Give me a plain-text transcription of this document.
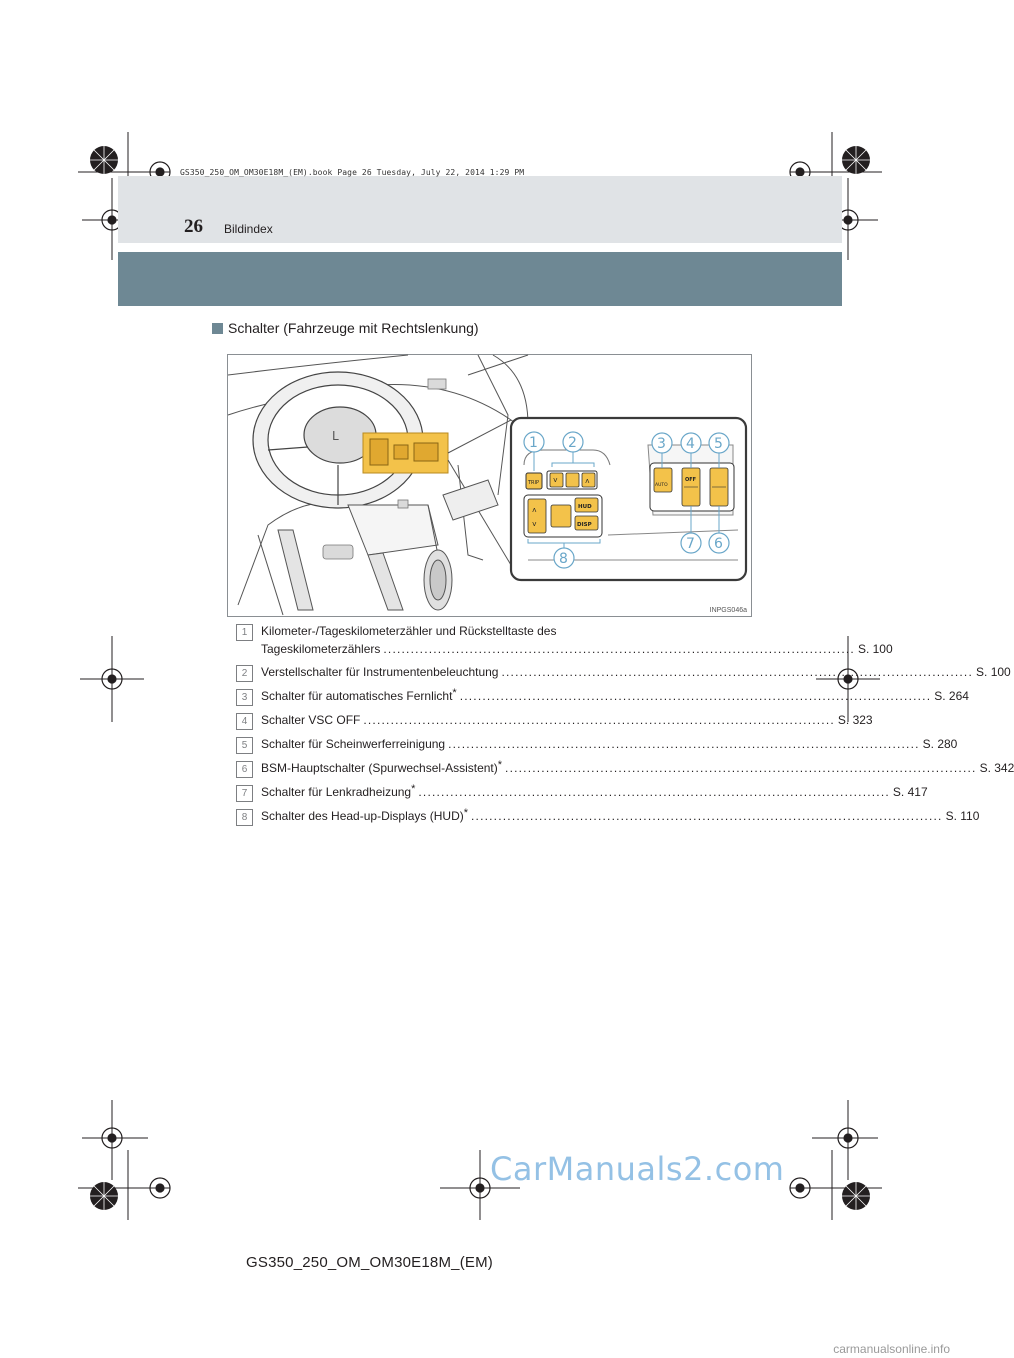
GS350_250_OM_OM30E18M_(EM).book Page 26 Tuesday, July 22, 2014 1:29 PM
26 Bildindex
Schalter (Fahrzeuge mit Rechtslenkung)
L
TRIP ˅	˄
HUD
DISP
˄
˅
AUTO
OFF
1 2	3 4 5
6
7
8
INPGS046a
1	Kilometer-/Tageskilometerzähler und Rückstelltaste des
Tageskilometerzählers ........................................................................................................ S. 100
2	Verstellschalter für Instrumentenbeleuchtung ........................................................................................................ S. 100
3	Schalter für automatisches Fernlicht* ........................................................................................................ S. 264
4	Schalter VSC OFF ........................................................................................................ S. 323
5	Schalter für Scheinwerferreinigung ........................................................................................................ S. 280
6	BSM-Hauptschalter (Spurwechsel-Assistent)* ........................................................................................................ S. 342
7	Schalter für Lenkradheizung* ........................................................................................................ S. 417
8	Schalter des Head-up-Displays (HUD)* ........................................................................................................ S. 110
CarManuals2.com
GS350_250_OM_OM30E18M_(EM)
carmanualsonline.info
